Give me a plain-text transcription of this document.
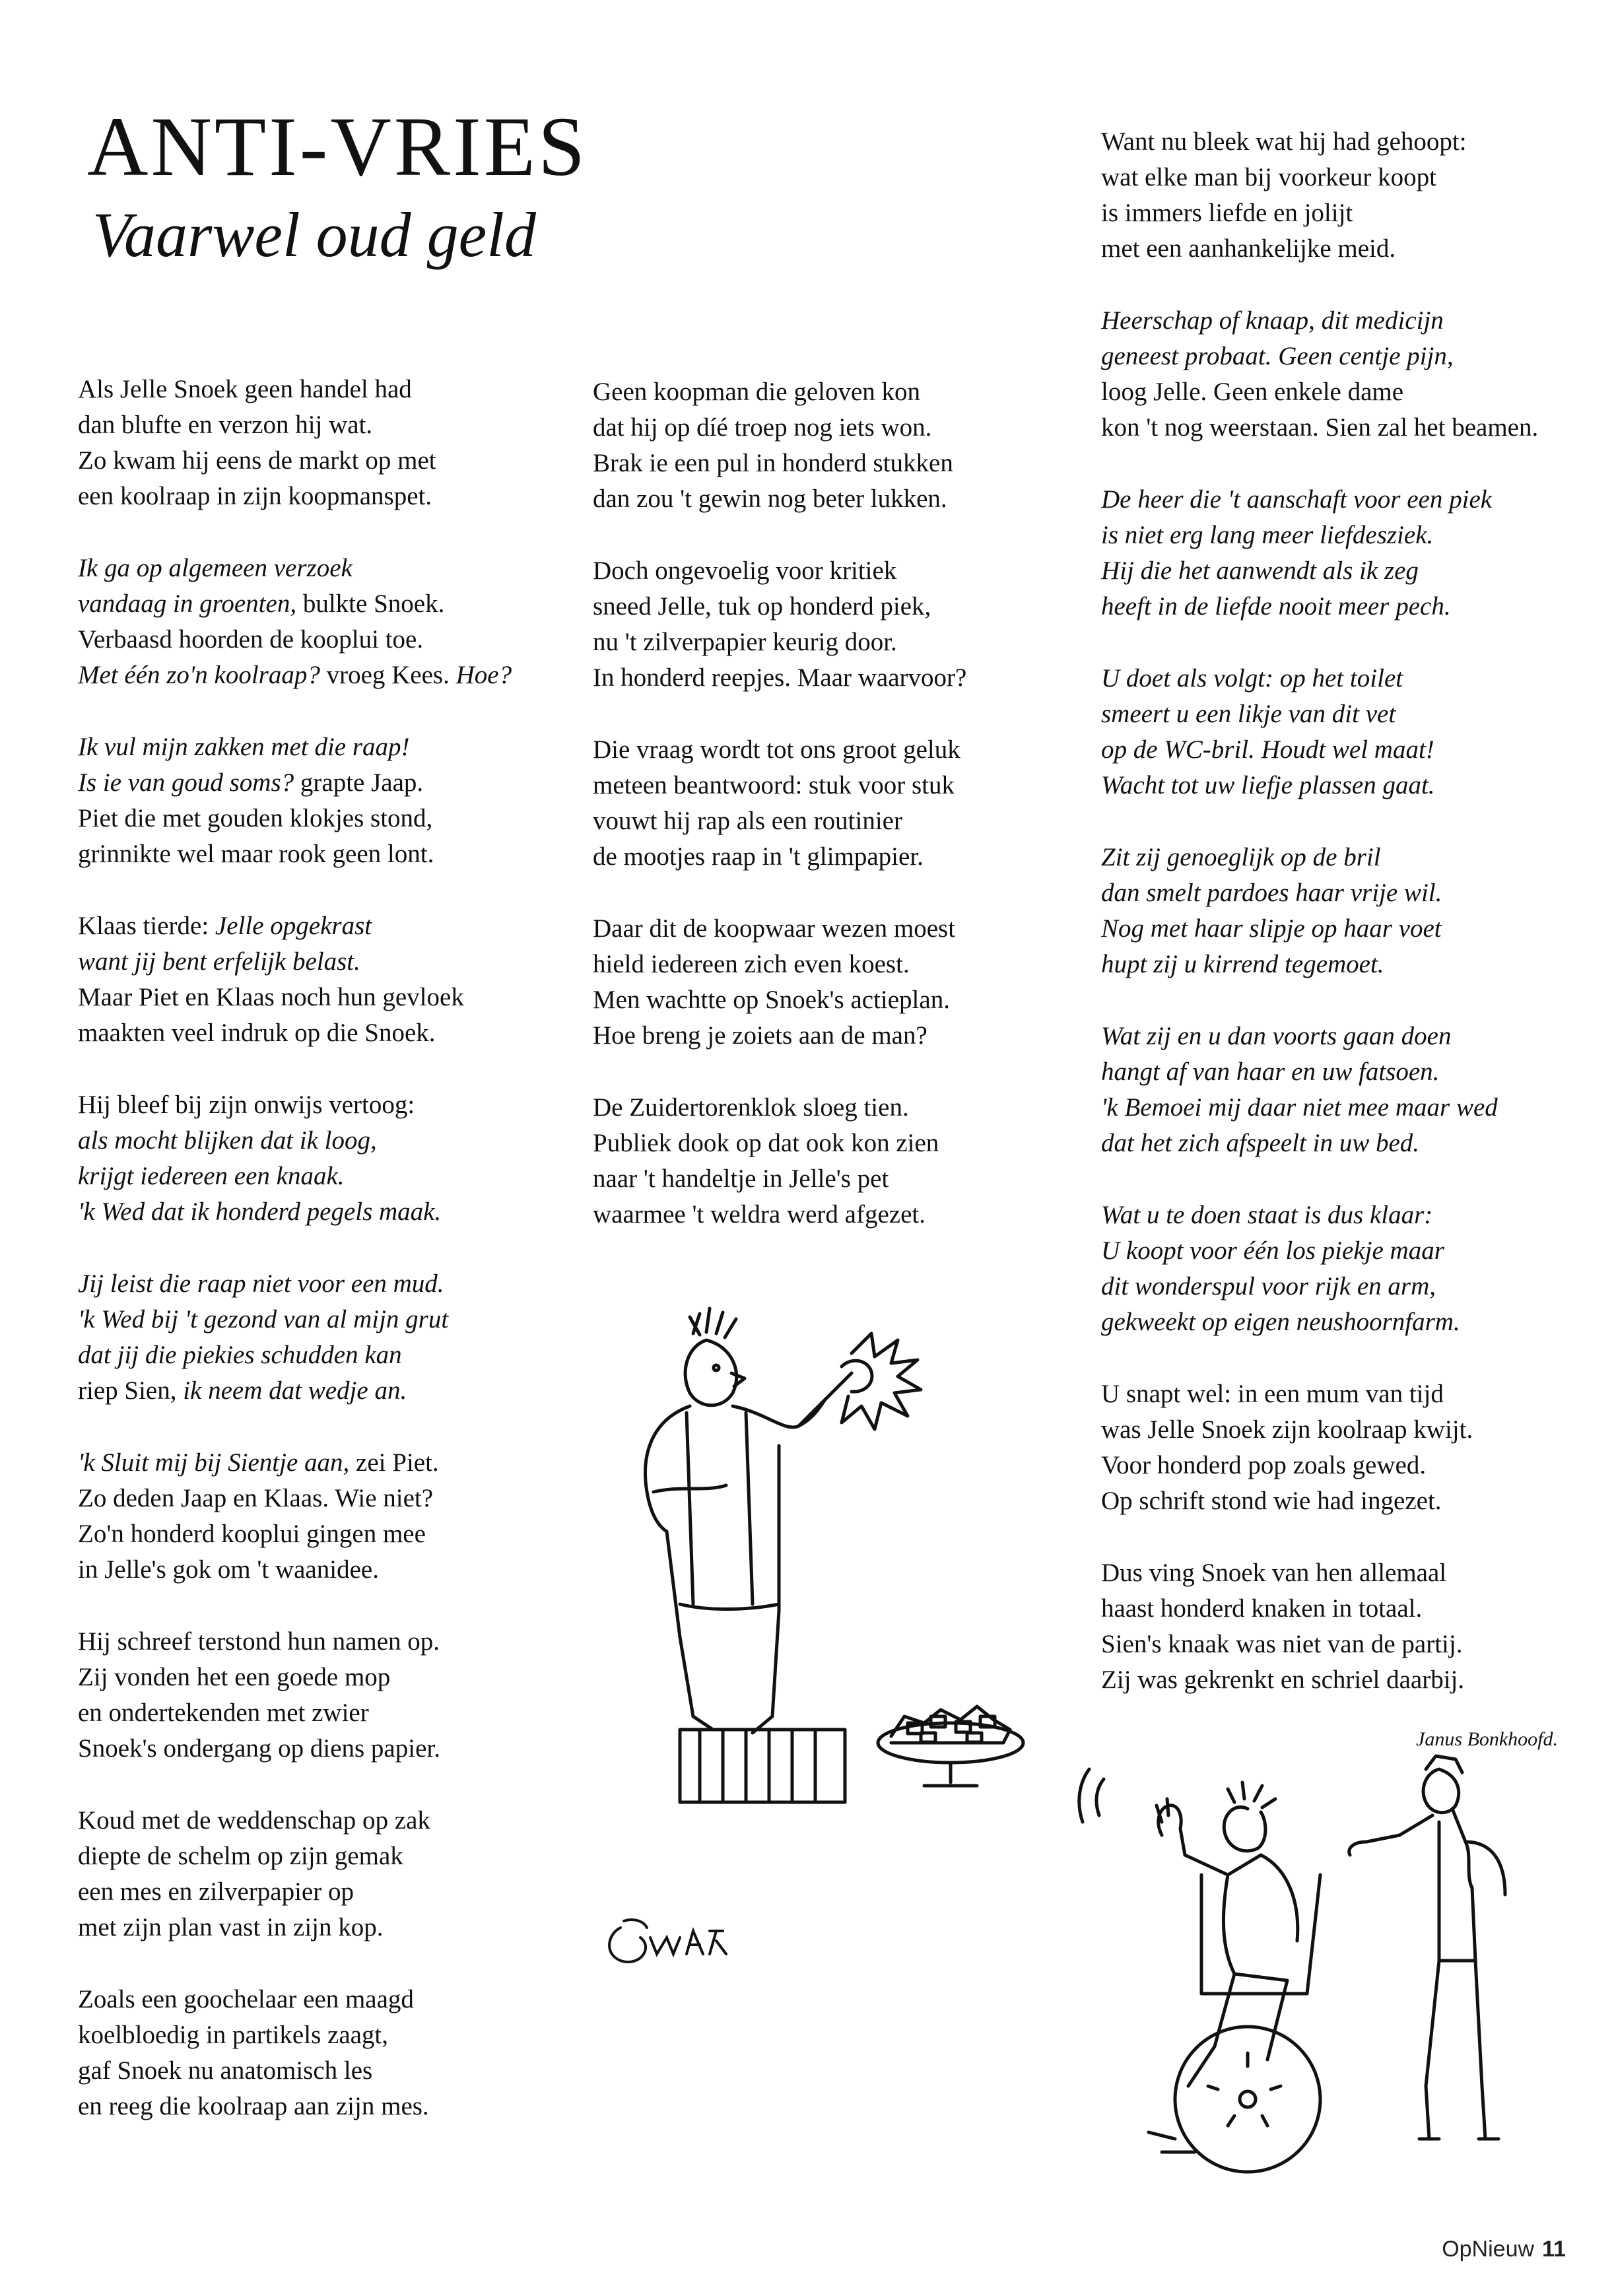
ANTI-VRIES
Vaarwel oud geld
Als Jelle Snoek geen handel had
dan blufte en verzon hij wat.
Zo kwam hij eens de markt op met
een koolraap in zijn koopmanspet.
Ik ga op algemeen verzoek
vandaag in groenten, bulkte Snoek.
Verbaasd hoorden de kooplui toe.
Met één zo'n koolraap? vroeg Kees. Hoe?
Ik vul mijn zakken met die raap!
Is ie van goud soms? grapte Jaap.
Piet die met gouden klokjes stond,
grinnikte wel maar rook geen lont.
Klaas tierde: Jelle opgekrast
want jij bent erfelijk belast.
Maar Piet en Klaas noch hun gevloek
maakten veel indruk op die Snoek.
Hij bleef bij zijn onwijs vertoog:
als mocht blijken dat ik loog,
krijgt iedereen een knaak.
'k Wed dat ik honderd pegels maak.
Jij leist die raap niet voor een mud.
'k Wed bij 't gezond van al mijn grut
dat jij die piekies schudden kan
riep Sien, ik neem dat wedje an.
'k Sluit mij bij Sientje aan, zei Piet.
Zo deden Jaap en Klaas. Wie niet?
Zo'n honderd kooplui gingen mee
in Jelle's gok om 't waanidee.
Hij schreef terstond hun namen op.
Zij vonden het een goede mop
en ondertekenden met zwier
Snoek's ondergang op diens papier.
Koud met de weddenschap op zak
diepte de schelm op zijn gemak
een mes en zilverpapier op
met zijn plan vast in zijn kop.
Zoals een goochelaar een maagd
koelbloedig in partikels zaagt,
gaf Snoek nu anatomisch les
en reeg die koolraap aan zijn mes.
Geen koopman die geloven kon
dat hij op díé troep nog iets won.
Brak ie een pul in honderd stukken
dan zou 't gewin nog beter lukken.
Doch ongevoelig voor kritiek
sneed Jelle, tuk op honderd piek,
nu 't zilverpapier keurig door.
In honderd reepjes. Maar waarvoor?
Die vraag wordt tot ons groot geluk
meteen beantwoord: stuk voor stuk
vouwt hij rap als een routinier
de mootjes raap in 't glimpapier.
Daar dit de koopwaar wezen moest
hield iedereen zich even koest.
Men wachtte op Snoek's actieplan.
Hoe breng je zoiets aan de man?
De Zuidertorenklok sloeg tien.
Publiek dook op dat ook kon zien
naar 't handeltje in Jelle's pet
waarmee 't weldra werd afgezet.
Want nu bleek wat hij had gehoopt:
wat elke man bij voorkeur koopt
is immers liefde en jolijt
met een aanhankelijke meid.
Heerschap of knaap, dit medicijn
geneest probaat. Geen centje pijn,
loog Jelle. Geen enkele dame
kon 't nog weerstaan. Sien zal het beamen.
De heer die 't aanschaft voor een piek
is niet erg lang meer liefdesziek.
Hij die het aanwendt als ik zeg
heeft in de liefde nooit meer pech.
U doet als volgt: op het toilet
smeert u een likje van dit vet
op de WC-bril. Houdt wel maat!
Wacht tot uw liefje plassen gaat.
Zit zij genoeglijk op de bril
dan smelt pardoes haar vrije wil.
Nog met haar slipje op haar voet
hupt zij u kirrend tegemoet.
Wat zij en u dan voorts gaan doen
hangt af van haar en uw fatsoen.
'k Bemoei mij daar niet mee maar wed
dat het zich afspeelt in uw bed.
Wat u te doen staat is dus klaar:
U koopt voor één los piekje maar
dit wonderspul voor rijk en arm,
gekweekt op eigen neushoornfarm.
U snapt wel: in een mum van tijd
was Jelle Snoek zijn koolraap kwijt.
Voor honderd pop zoals gewed.
Op schrift stond wie had ingezet.
Dus ving Snoek van hen allemaal
haast honderd knaken in totaal.
Sien's knaak was niet van de partij.
Zij was gekrenkt en schriel daarbij.
Janus Bonkhoofd.
OpNieuw 11
